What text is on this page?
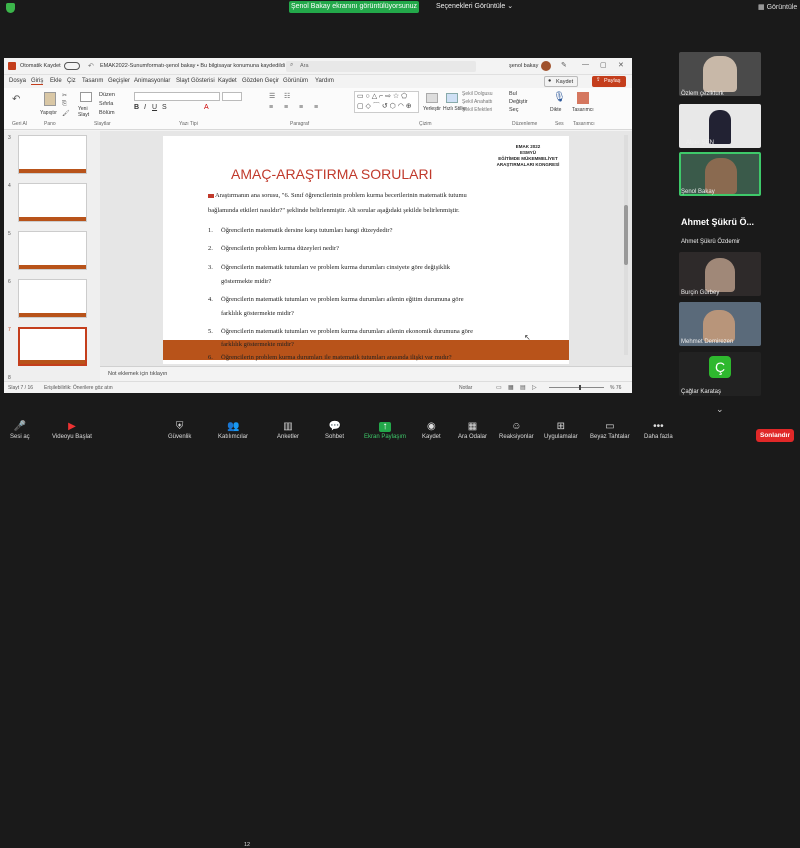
Şenol Bakay ekranını görüntülüyorsunuz	Seçenekleri Görüntüle ⌄	▦ Görüntüle
Otomatik Kaydet	↶ EMAK2022-Sunumformatı-şenol bakay • Bu bilgisayar konumuna kaydedildi ⌕ Ara	şenol bakay	✎ — ▢ ✕
Dosya Giriş Ekle Çiz Tasarım Geçişler Animasyonlar Slayt Gösterisi Kaydet Gözden Geçir Görünüm Yardım	● Kaydet	⇪ Paylaş
↶
Yapıştır
✂
⎘
🖌
Yeni Slayt
Düzen
Sıfırla
Bölüm
B I U S	A
☰ ☷
≡ ≡ ≡ ≡
▭ ○ △ ⌐ ⇨ ☆ ⬠
▢ ◇ ⌒ ↺ ⬡ ◠ ⊕	Yerleştir Hızlı Stiller
Şekil Dolgusu
Şekil Anahattı
Şekil Efektleri
Bul
Değiştir
Seç
🎙
Dikte Tasarımcı
Geri Al	Pano	Slaytlar	Yazı Tipi	Paragraf	Çizim	Düzenleme	Ses Tasarımcı
3
4
5
6
7
8
AMAÇ-ARAŞTIRMA SORULARI
EMAK 2022
ESMYÜ
EĞİTİMDE MÜKEMMELİYET
ARAŞTIRMALARI KONGRESİ
Araştırmanın ana sorusu, "6. Sınıf öğrencilerinin problem kurma becerilerinin matematik tutumu
bağlamında etkileri nasıldır?" şeklinde belirlenmiştir. Alt sorular aşağıdaki şekilde belirlenmiştir.
1. Öğrencilerin matematik dersine karşı tutumları hangi düzeydedir?
2. Öğrencilerin problem kurma düzeyleri nedir?
3. Öğrencilerin matematik tutumları ve problem kurma durumları cinsiyete göre değişiklik
göstermekte midir?
4. Öğrencilerin matematik tutumları ve problem kurma durumları ailenin eğitim durumuna göre
farklılık göstermekte midir?
5. Öğrencilerin matematik tutumları ve problem kurma durumları ailenin ekonomik durumuna göre
farklılık göstermekte midir?
6. Öğrencilerin problem kurma durumları ile matematik tutumları arasında ilişki var mıdır?
↖
Not eklemek için tıklayın
Slayt 7 / 16 Erişilebilirlik: Önerilere göz atın	Notlar	▭ ▦ ▤ ▷	% 76
Özlem çezikturk
Alper ŞEN
Şenol Bakay
Ahmet Şükrü Ö...
Ahmet Şükrü Özdemir
Burçin Gürbey
Mehmet Demirezen
Ç
Çağlar Karataş
⌄
🎤
Sesi aç
▶
Videoyu Başlat
⛨
Güvenlik
👥
Katılımcılar
12
▥
Anketler
💬
Sohbet
↑
Ekran Paylaşım
◉
Kaydet
▦
Ara Odalar
☺
Reaksiyonlar
⊞
Uygulamalar
▭
Beyaz Tahtalar
•••
Daha fazla	Sonlandır
